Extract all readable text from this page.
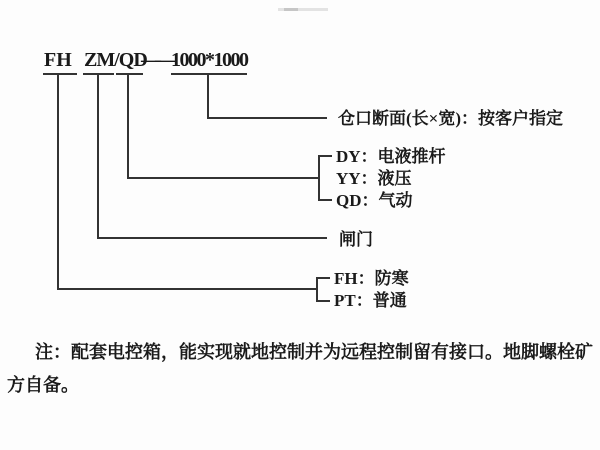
FH ZM/QD
—— 1000*1000
仓口断面(长×宽)：按客户指定
DY：电液推杆
YY：液压
QD：气动
闸门
FH：防寒
PT：普通
注：配套电控箱，能实现就地控制并为远程控制留有接口。地脚螺栓矿
方自备。
